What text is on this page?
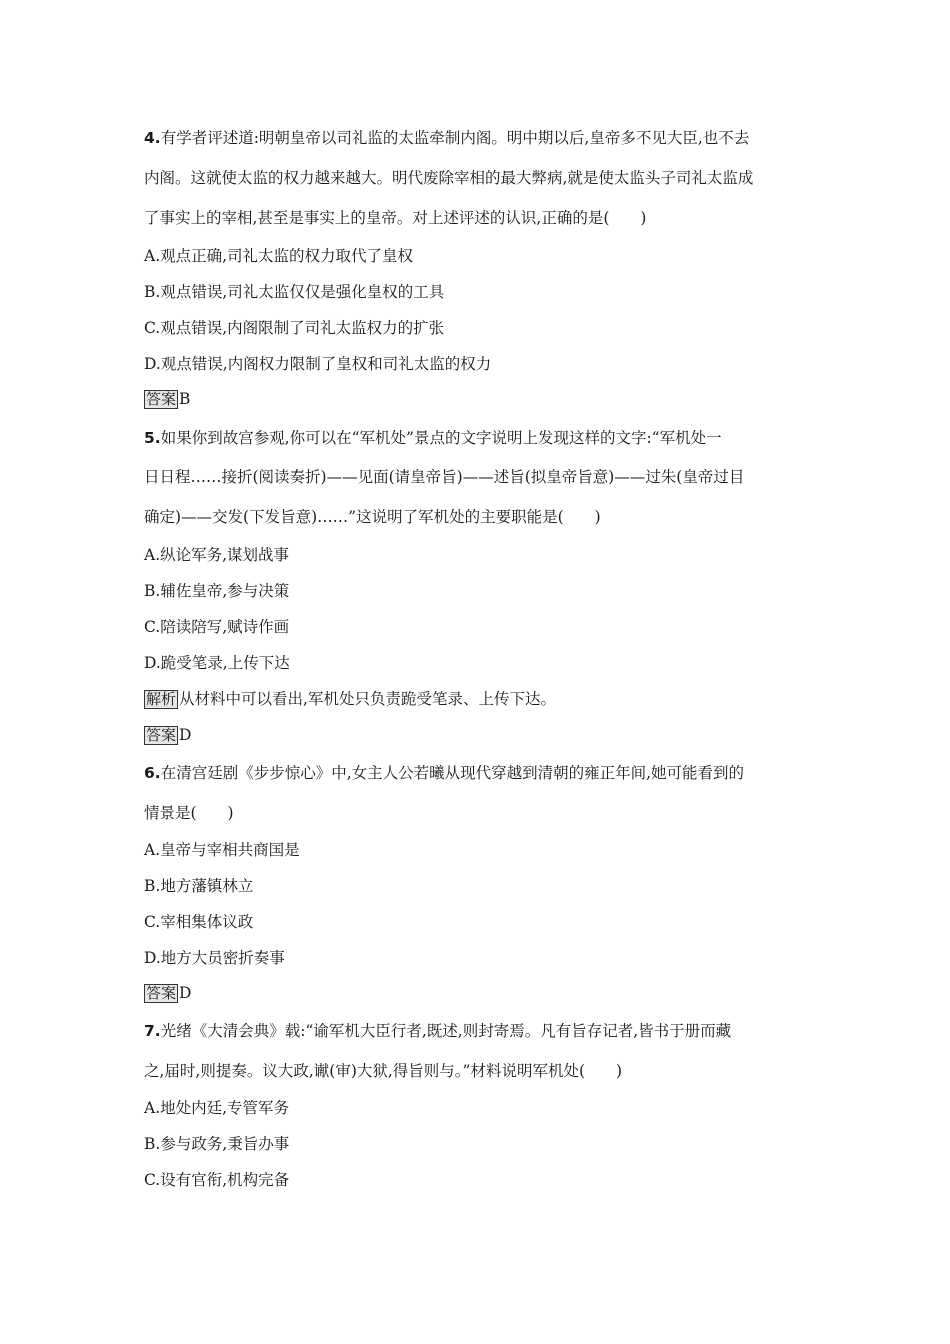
4.有学者评述道:明朝皇帝以司礼监的太监牵制内阁。明中期以后,皇帝多不见大臣,也不去
内阁。这就使太监的权力越来越大。明代废除宰相的最大弊病,就是使太监头子司礼太监成
了事实上的宰相,甚至是事实上的皇帝。对上述评述的认识,正确的是(　　)
A.观点正确,司礼太监的权力取代了皇权
B.观点错误,司礼太监仅仅是强化皇权的工具
C.观点错误,内阁限制了司礼太监权力的扩张
D.观点错误,内阁权力限制了皇权和司礼太监的权力
答案 B
5.如果你到故宫参观,你可以在“军机处”景点的文字说明上发现这样的文字:“军机处一
日日程……接折(阅读奏折)——见面(请皇帝旨)——述旨(拟皇帝旨意)——过朱(皇帝过目
确定)——交发(下发旨意)……”这说明了军机处的主要职能是(　　)
A.纵论军务,谋划战事
B.辅佐皇帝,参与决策
C.陪读陪写,赋诗作画
D.跪受笔录,上传下达
解析 从材料中可以看出,军机处只负责跪受笔录、上传下达。
答案 D
6.在清宫廷剧《步步惊心》中,女主人公若曦从现代穿越到清朝的雍正年间,她可能看到的
情景是(　　)
A.皇帝与宰相共商国是
B.地方藩镇林立
C.宰相集体议政
D.地方大员密折奏事
答案 D
7.光绪《大清会典》载:“谕军机大臣行者,既述,则封寄焉。凡有旨存记者,皆书于册而藏
之,届时,则提奏。议大政,谳(审)大狱,得旨则与。”材料说明军机处(　　)
A.地处内廷,专管军务
B.参与政务,秉旨办事
C.设有官衔,机构完备
